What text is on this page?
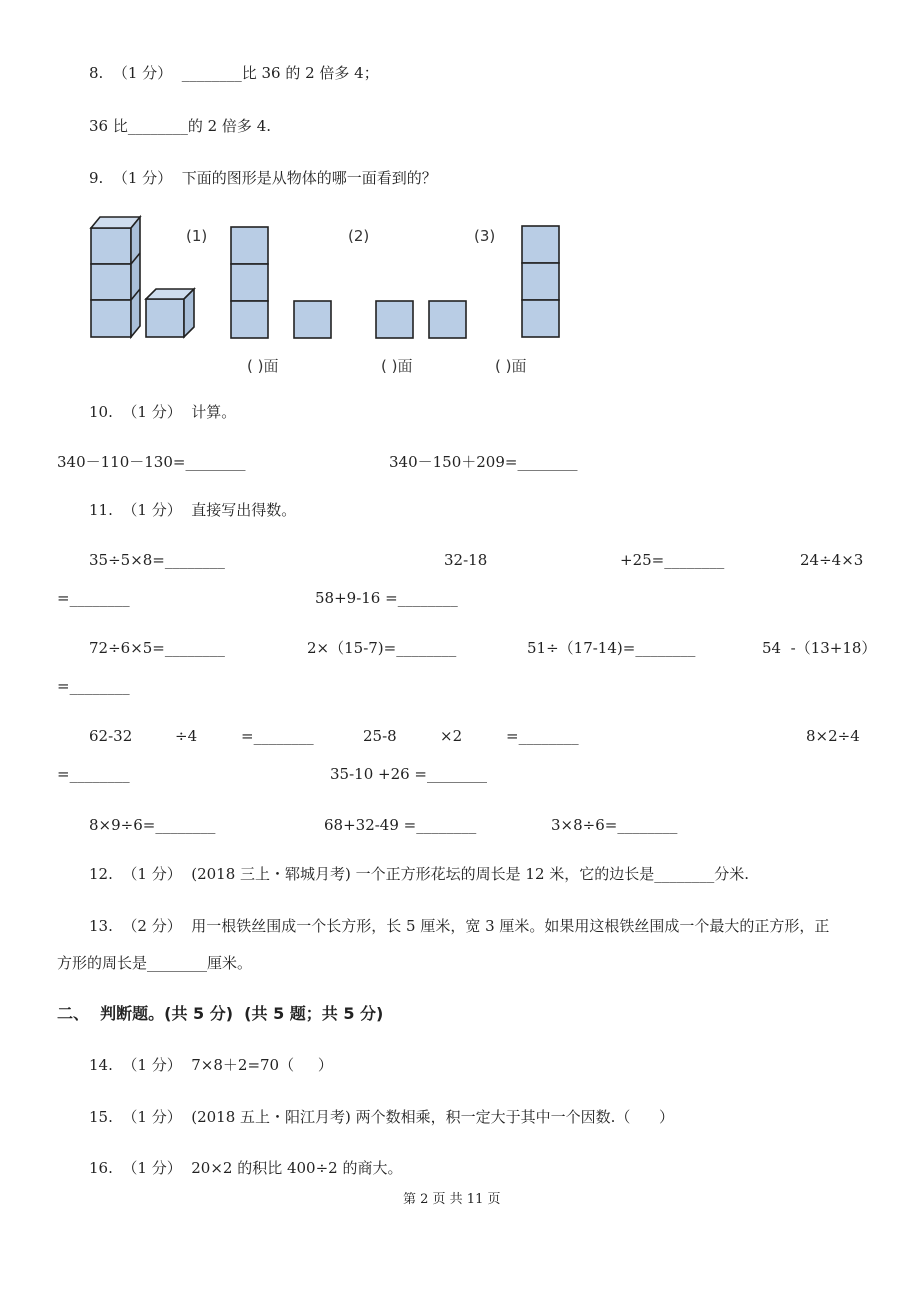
8.  （1 分）  ________比 36 的 2 倍多 4；
36 比________的 2 倍多 4.
9.  （1 分）  下面的图形是从物体的哪一面看到的？
(1)	(2)	(3)
( )面	( )面	( )面
10.  （1 分）  计算。
340－110－130=________	340－150＋209=________
11.  （1 分）  直接写出得数。
35÷5×8=________	32-18	+25=________	24÷4×3
=________	58+9-16 =________
72÷6×5=________	2×（15-7)=________	51÷（17-14)=________	54  -（13+18）
=________
62-32	÷4	=________	25-8	×2	=________	8×2÷4
=________	35-10 +26 =________
8×9÷6=________	68+32-49 =________	3×8÷6=________
12.  （1 分）  (2018 三上・郓城月考) 一个正方形花坛的周长是 12 米，它的边长是________分米.
13.  （2 分）  用一根铁丝围成一个长方形，长 5 厘米，宽 3 厘米。如果用这根铁丝围成一个最大的正方形，正
方形的周长是________厘米。
二、  判断题。(共 5 分)  (共 5 题；共 5 分)
14.  （1 分）  7×8＋2=70（     ）
15.  （1 分）  (2018 五上・阳江月考) 两个数相乘，积一定大于其中一个因数.（      ）
16.  （1 分）  20×2 的积比 400÷2 的商大。
第 2 页 共 11 页
